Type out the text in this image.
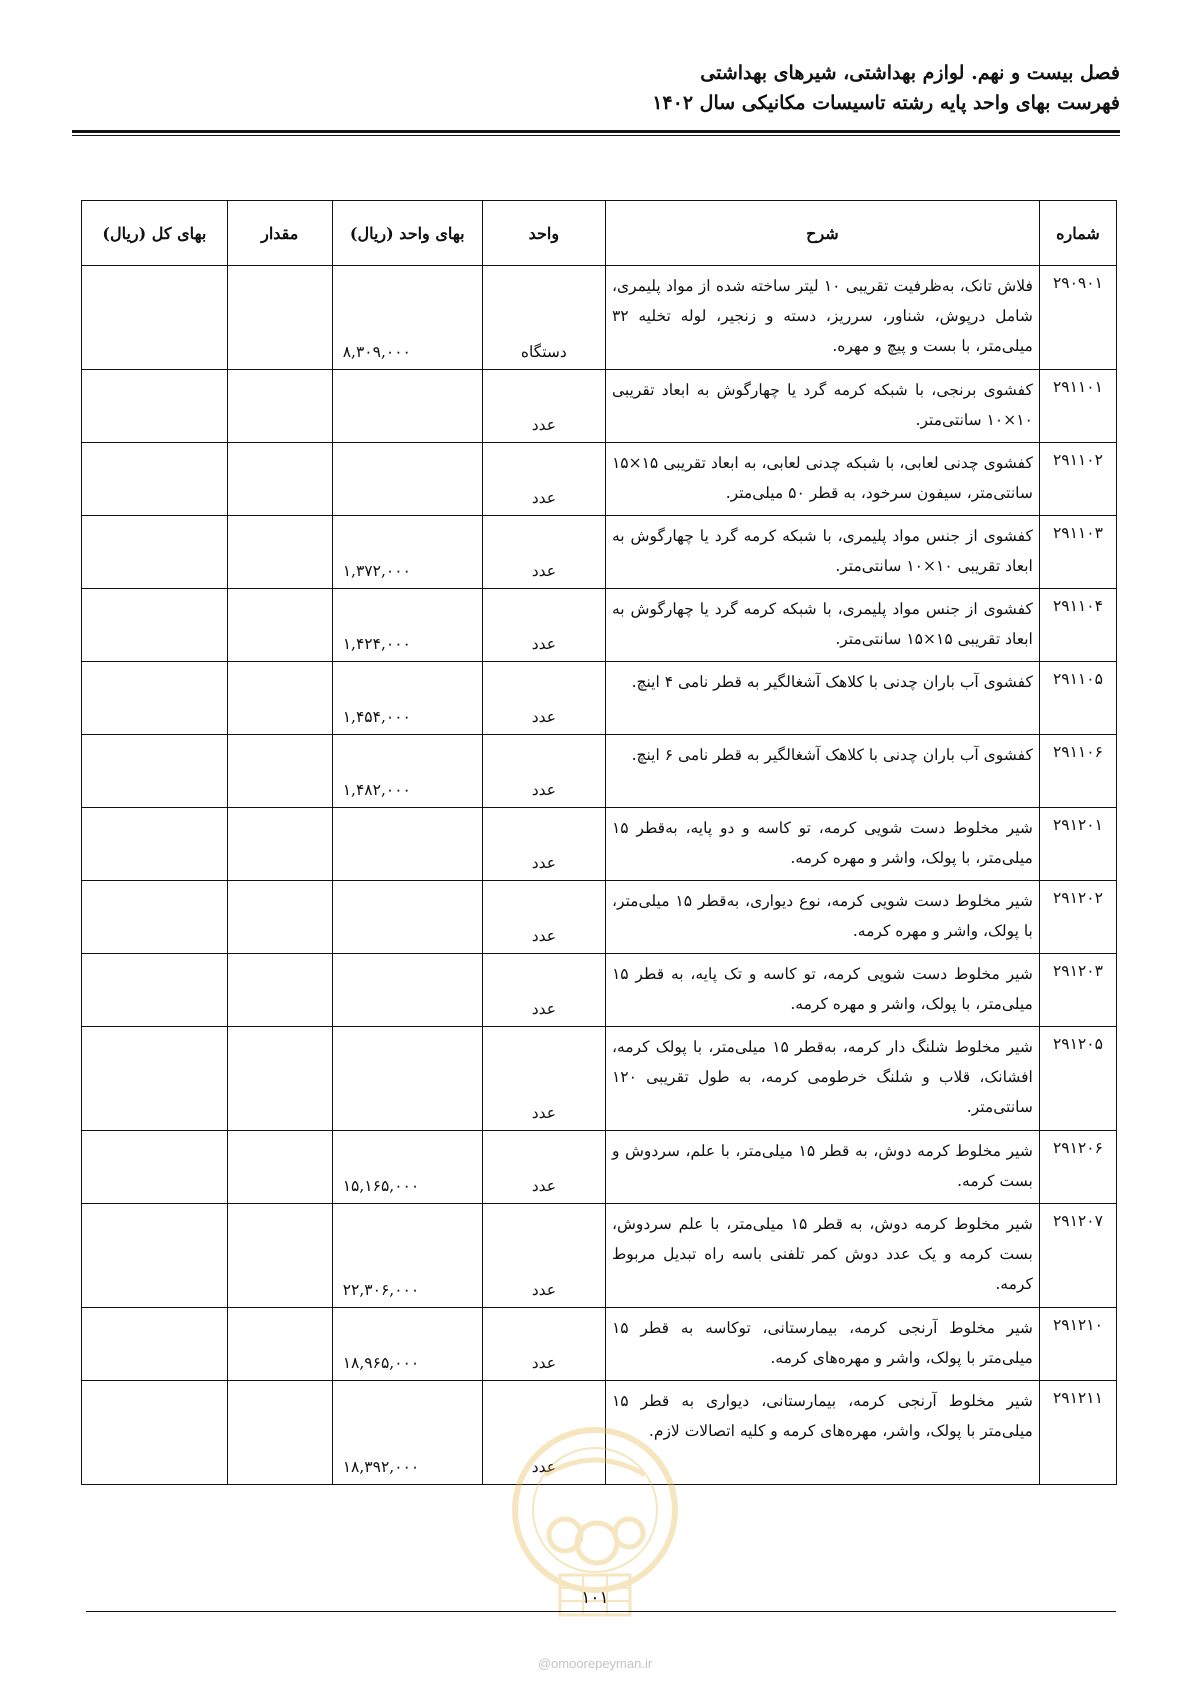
فصل بیست و نهم. لوازم بهداشتی، شیرهای بهداشتی
فهرست بهای واحد پایه رشته تاسیسات مکانیکی سال ۱۴۰۲
شماره	شرح	واحد	بهای واحد (ریال)	مقدار	بهای کل (ریال)
۲۹۰۹۰۱	فلاش تانک، به‌ظرفیت تقریبی ۱۰ لیتر ساخته شده از مواد پلیمری، شامل درپوش، شناور، سرریز، دسته و زنجیر، لوله تخلیه ۳۲ میلی‌متر، با بست و پیچ و مهره.	دستگاه	۸,۳۰۹,۰۰۰		
۲۹۱۱۰۱	کفشوی برنجی، با شبکه کرمه گرد یا چهارگوش به ابعاد تقریبی ۱۰×۱۰ سانتی‌متر.	عدد			
۲۹۱۱۰۲	کفشوی چدنی لعابی، با شبکه چدنی لعابی، به ابعاد تقریبی ۱۵×۱۵ سانتی‌متر، سیفون سرخود، به قطر ۵۰ میلی‌متر.	عدد			
۲۹۱۱۰۳	کفشوی از جنس مواد پلیمری، با شبکه کرمه گرد یا چهارگوش به ابعاد تقریبی ۱۰×۱۰ سانتی‌متر.	عدد	۱,۳۷۲,۰۰۰		
۲۹۱۱۰۴	کفشوی از جنس مواد پلیمری، با شبکه کرمه گرد یا چهارگوش به ابعاد تقریبی ۱۵×۱۵ سانتی‌متر.	عدد	۱,۴۲۴,۰۰۰		
۲۹۱۱۰۵	کفشوی آب باران چدنی با کلاهک آشغالگیر به قطر نامی ۴ اینچ.	عدد	۱,۴۵۴,۰۰۰		
۲۹۱۱۰۶	کفشوی آب باران چدنی با کلاهک آشغالگیر به قطر نامی ۶ اینچ.	عدد	۱,۴۸۲,۰۰۰		
۲۹۱۲۰۱	شیر مخلوط دست شویی کرمه، تو کاسه و دو پایه، به‌قطر ۱۵ میلی‌متر، با پولک، واشر و مهره کرمه.	عدد			
۲۹۱۲۰۲	شیر مخلوط دست شویی کرمه، نوع دیواری، به‌قطر ۱۵ میلی‌متر، با پولک، واشر و مهره کرمه.	عدد			
۲۹۱۲۰۳	شیر مخلوط دست شویی کرمه، تو کاسه و تک پایه، به قطر ۱۵ میلی‌متر، با پولک، واشر و مهره کرمه.	عدد			
۲۹۱۲۰۵	شیر مخلوط شلنگ دار کرمه، به‌قطر ۱۵ میلی‌متر، با پولک کرمه، افشانک، قلاب و شلنگ خرطومی کرمه، به طول تقریبی ۱۲۰ سانتی‌متر.	عدد			
۲۹۱۲۰۶	شیر مخلوط کرمه دوش، به قطر ۱۵ میلی‌متر، با علم، سردوش و بست کرمه.	عدد	۱۵,۱۶۵,۰۰۰		
۲۹۱۲۰۷	شیر مخلوط کرمه دوش، به قطر ۱۵ میلی‌متر، با علم سردوش، بست کرمه و یک عدد دوش کمر تلفنی باسه راه تبدیل مربوط کرمه.	عدد	۲۲,۳۰۶,۰۰۰		
۲۹۱۲۱۰	شیر مخلوط آرنجی کرمه، بیمارستانی، توکاسه به قطر ۱۵ میلی‌متر با پولک، واشر و مهره‌های کرمه.	عدد	۱۸,۹۶۵,۰۰۰		
۲۹۱۲۱۱	شیر مخلوط آرنجی کرمه، بیمارستانی، دیواری به قطر ۱۵ میلی‌متر با پولک، واشر، مهره‌های کرمه و کلیه اتصالات لازم.	عدد	۱۸,۳۹۲,۰۰۰		
۱۰۱
@omoorepeyman.ir
